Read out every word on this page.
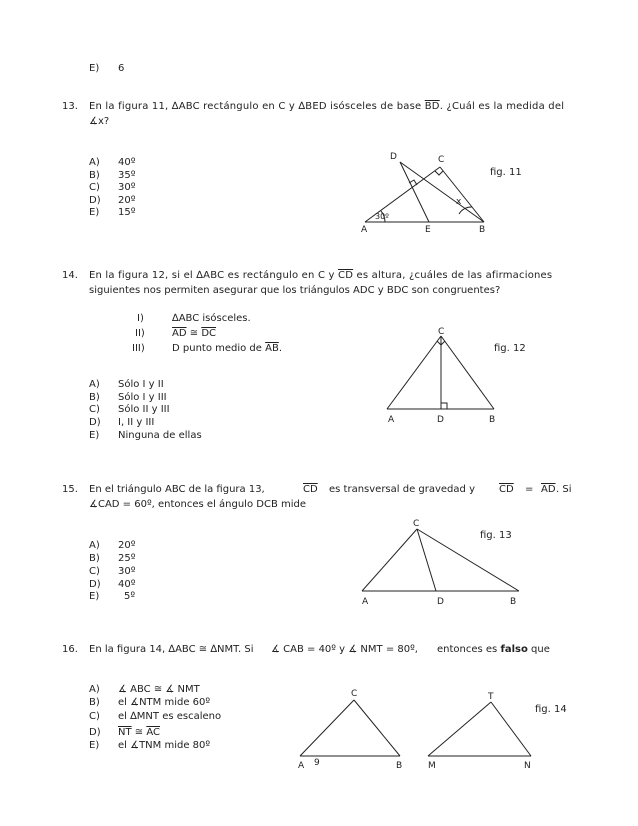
E) 6
13. En la figura 11, ∆ABC rectángulo en C y ∆BED isósceles de base $\overline{BD}$. ¿Cuál es la medida del
∡x?
A) 40º
B) 35º
C) 30º
D) 20º
E) 15º
fig. 11
14. En la figura 12, si el ∆ABC es rectángulo en C y $\overline{CD}$ es altura, ¿cuáles de las afirmaciones
siguientes nos permiten asegurar que los triángulos ADC y BDC son congruentes?
I)	∆ABC isósceles.
II)	$\overline{AD}$ ≅ $\overline{DC}$
III)	D punto medio de $\overline{AB}$.
A) Sólo I y II
B) Sólo I y III
C) Sólo II y III
D) I, II y III
E) Ninguna de ellas
fig. 12
15. En el triángulo ABC de la figura 13,	$\overline{CD}$ es transversal de gravedad y $\overline{CD} = \overline{AD}$ . Si
∡CAD = 60º, entonces el ángulo DCB mide
A) 20º
B) 25º
C) 30º
D) 40º
E) 5º
fig. 13
16. En la figura 14, ∆ABC ≅ ∆NMT. Si ∡ CAB = 40º y ∡ NMT = 80º, entonces es falso que
A) ∡ ABC ≅ ∡ NMT
B) el ∡NTM mide 60º
C) el ∆MNT es escaleno
D) $\overline{NT}$ ≅ $\overline{AC}$
E) el ∡TNM mide 80º
fig. 14
D	C
A	E	B
x
30º
C
A	D	B
C
A	D	B
C
A 9	B
T
M	N
